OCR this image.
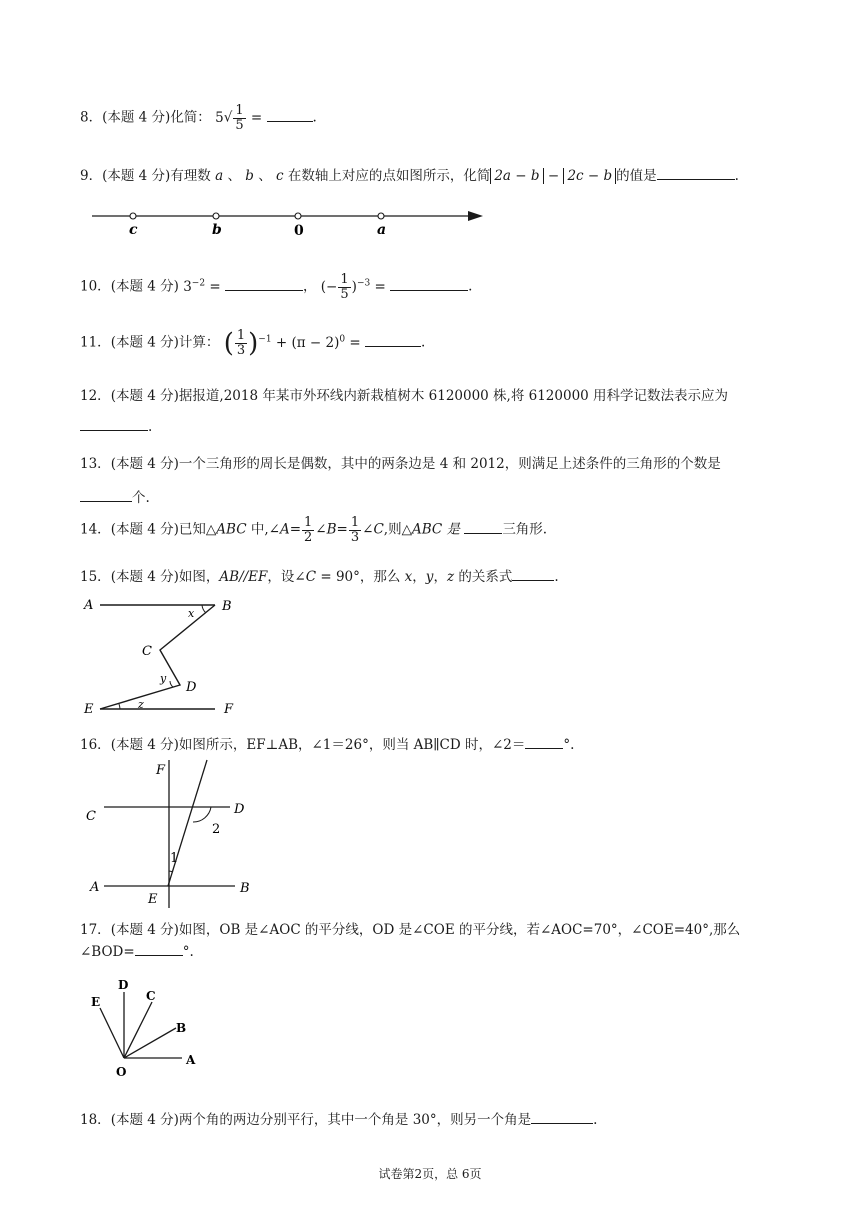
8．(本题 4 分)化简： $5√ \frac{1}{5}$ =	.
9．(本题 4 分)有理数 a 、 b 、 c 在数轴上对应的点如图所示，化简 2a − b − 2c − b 的值是	.
c	b	0	a
10．(本题 4 分) $3^{-2}$ =	， (− $\frac{1}{5} )^{-3}$ =	.
11．(本题 4 分)计算： ( $\frac{1}{3} )^{-1} + (\pi - 2)^0$ =	.
12．(本题 4 分)据报道,2018 年某市外环线内新栽植树木 6120000 株,将 6120000 用科学记数法表示应为
.
13．(本题 4 分)一个三角形的周长是偶数，其中的两条边是 4 和 2012，则满足上述条件的三角形的个数是
个.
14．(本题 4 分)已知△ABC 中,∠A= $\frac{1}{2}$ ∠B= $\frac{1}{3}$ ∠C,则△ABC 是	三角形.
15．(本题 4 分)如图，AB//EF，设∠C = 90°，那么 x，y，z 的关系式	.
A	B
C
D
E	F
x
y
z
16．(本题 4 分)如图所示，EF⊥AB，∠1＝26°，则当 AB∥CD 时，∠2＝	°.
F
C	D
2
1
A
E
B
17．(本题 4 分)如图，OB 是∠AOC 的平分线，OD 是∠COE 的平分线，若∠AOC=70°，∠COE=40°,那么
∠BOD=	°.
E
D
C
B
A
O
18．(本题 4 分)两个角的两边分别平行，其中一个角是 30°，则另一个角是	.
试卷第2页，总 6页
